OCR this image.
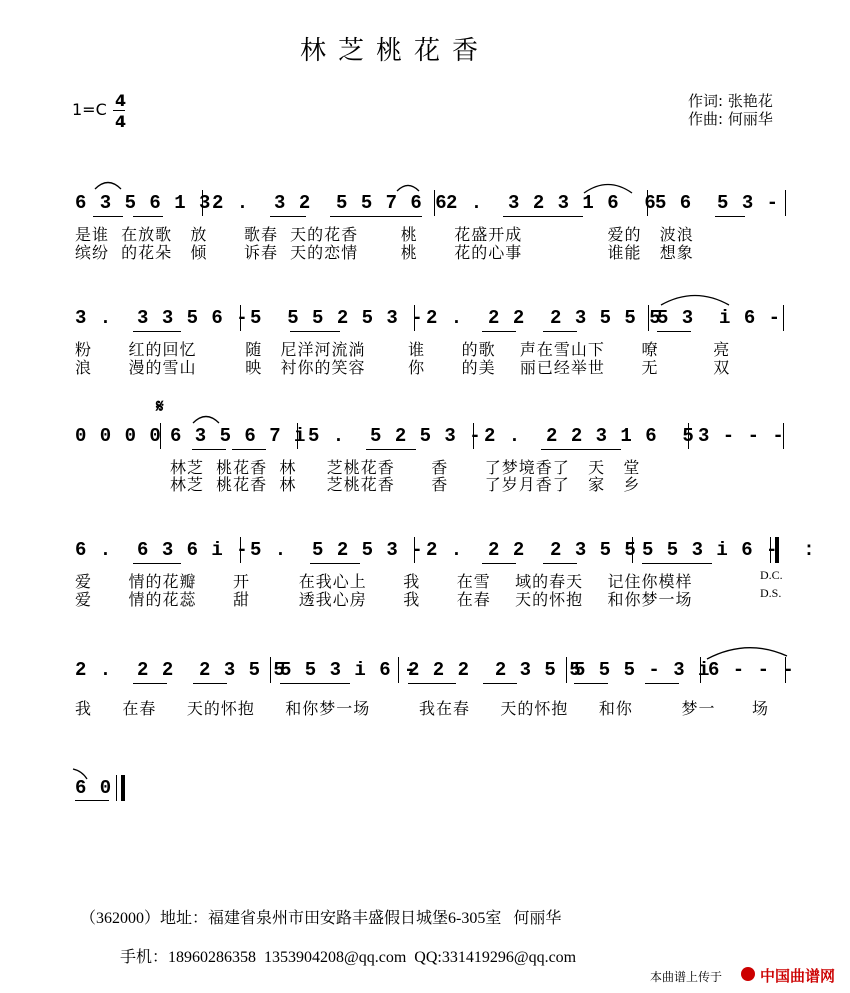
林芝桃花香
1=C 4
4
作词: 张艳花
作曲: 何丽华
6 3 5 6 1 3 2 .  3 2  5 5 7 6 6
2 .  3 2 3 1 6  6
5 6  5 3 -
是谁  在放歌   放      歌春  天的花香       桃      花盛开成              爱的   波浪
缤纷  的花朵   倾      诉春  天的恋情       桃      花的心事              谁能   想象
3 .  3 3 5 6 - 5  5 5 2 5 3 - 2 .  2 2  2 3 5 5 5
5 3  i 6 -
粉      红的回忆        随   尼洋河流淌       谁      的歌    声在雪山下      嘹         亮
浪      漫的雪山        映   衬你的笑容       你      的美    丽已经举世      无         双
𝄋
0 0 0 0 6 3 5 6 7 i 5 .  5 2 5 3 - 2 .  2 2 3 1 6  5 3 - - -
林芝  桃花香  林     芝桃花香      香      了梦境香了   天   堂
林芝  桃花香  林     芝桃花香      香      了岁月香了   家   乡
6 .  6 3 6 i - 5 .  5 2 5 3 - 2 .  2 2  2 3 5 5 5 5 3 i 6 -  :
爱      情的花瓣      开        在我心上      我      在雪    域的春天    记住你模样
爱      情的花蕊      甜        透我心房      我      在春    天的怀抱    和你梦一场
D.C.
D.S.
2 .  2 2  2 3 5 5
5 5 3 i 6 -
2 2 2  2 3 5 5
5 5 5 - 3 i
6 - - -
我     在春     天的怀抱     和你梦一场        我在春     天的怀抱     和你        梦一      场
6 0
（362000）地址：福建省泉州市田安路丰盛假日城堡6-305室   何丽华
手机：18960286358  1353904208@qq.com  QQ:331419296@qq.com
本曲谱上传于	中国曲谱网
